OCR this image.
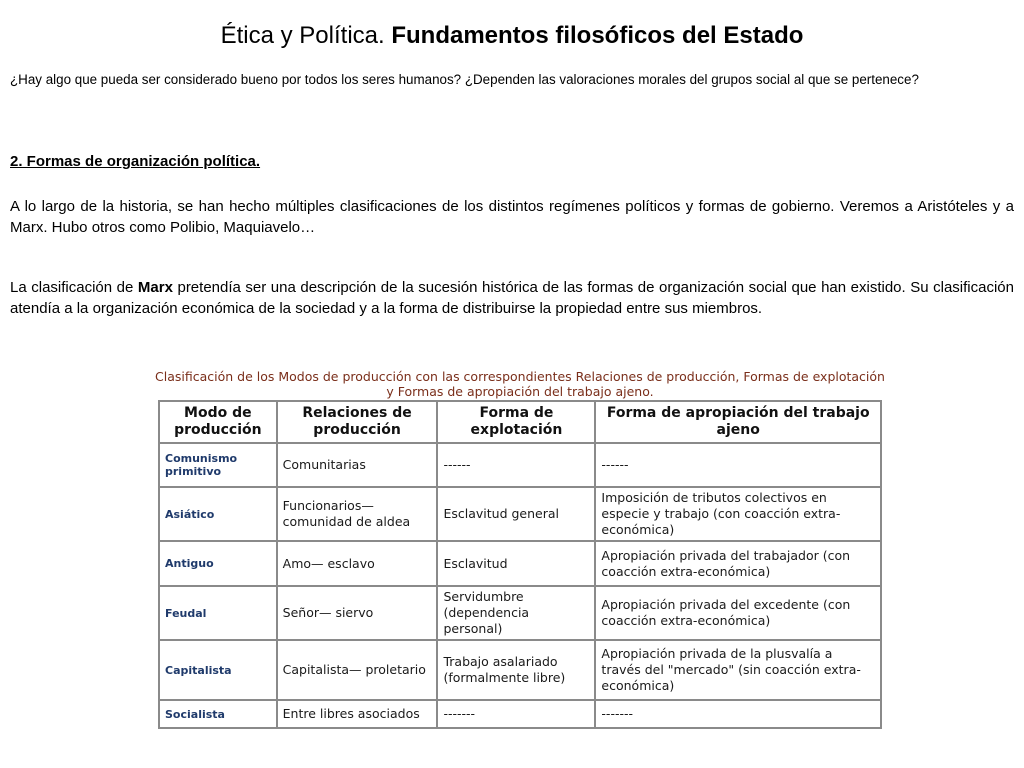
Ética y Política. Fundamentos filosóficos del Estado
¿Hay algo que pueda ser considerado bueno por todos los seres humanos? ¿Dependen las valoraciones morales del grupos social al que se pertenece?
2. Formas de organización política.
A lo largo de la historia, se han hecho múltiples clasificaciones de los distintos regímenes políticos y formas de gobierno. Veremos a Aristóteles y a Marx. Hubo otros como Polibio, Maquiavelo…
La clasificación de Marx pretendía ser una descripción de la sucesión histórica de las formas de organización social que han existido. Su clasificación atendía a la organización económica de la sociedad y a la forma de distribuirse la propiedad entre sus miembros.
Clasificación de los Modos de producción con las correspondientes Relaciones de producción, Formas de explotación y Formas de apropiación del trabajo ajeno.
Modo de producción	Relaciones de producción	Forma de explotación	Forma de apropiación del trabajo ajeno
Comunismo primitivo	Comunitarias	------	------
Asiático	Funcionarios— comunidad de aldea	Esclavitud general	Imposición de tributos colectivos en especie y trabajo (con coacción extra-económica)
Antiguo	Amo— esclavo	Esclavitud	Apropiación privada del trabajador (con coacción extra-económica)
Feudal	Señor— siervo	Servidumbre (dependencia personal)	Apropiación privada del excedente (con coacción extra-económica)
Capitalista	Capitalista— proletario	Trabajo asalariado (formalmente libre)	Apropiación privada de la plusvalía a través del "mercado" (sin coacción extra-económica)
Socialista	Entre libres asociados	-------	-------
